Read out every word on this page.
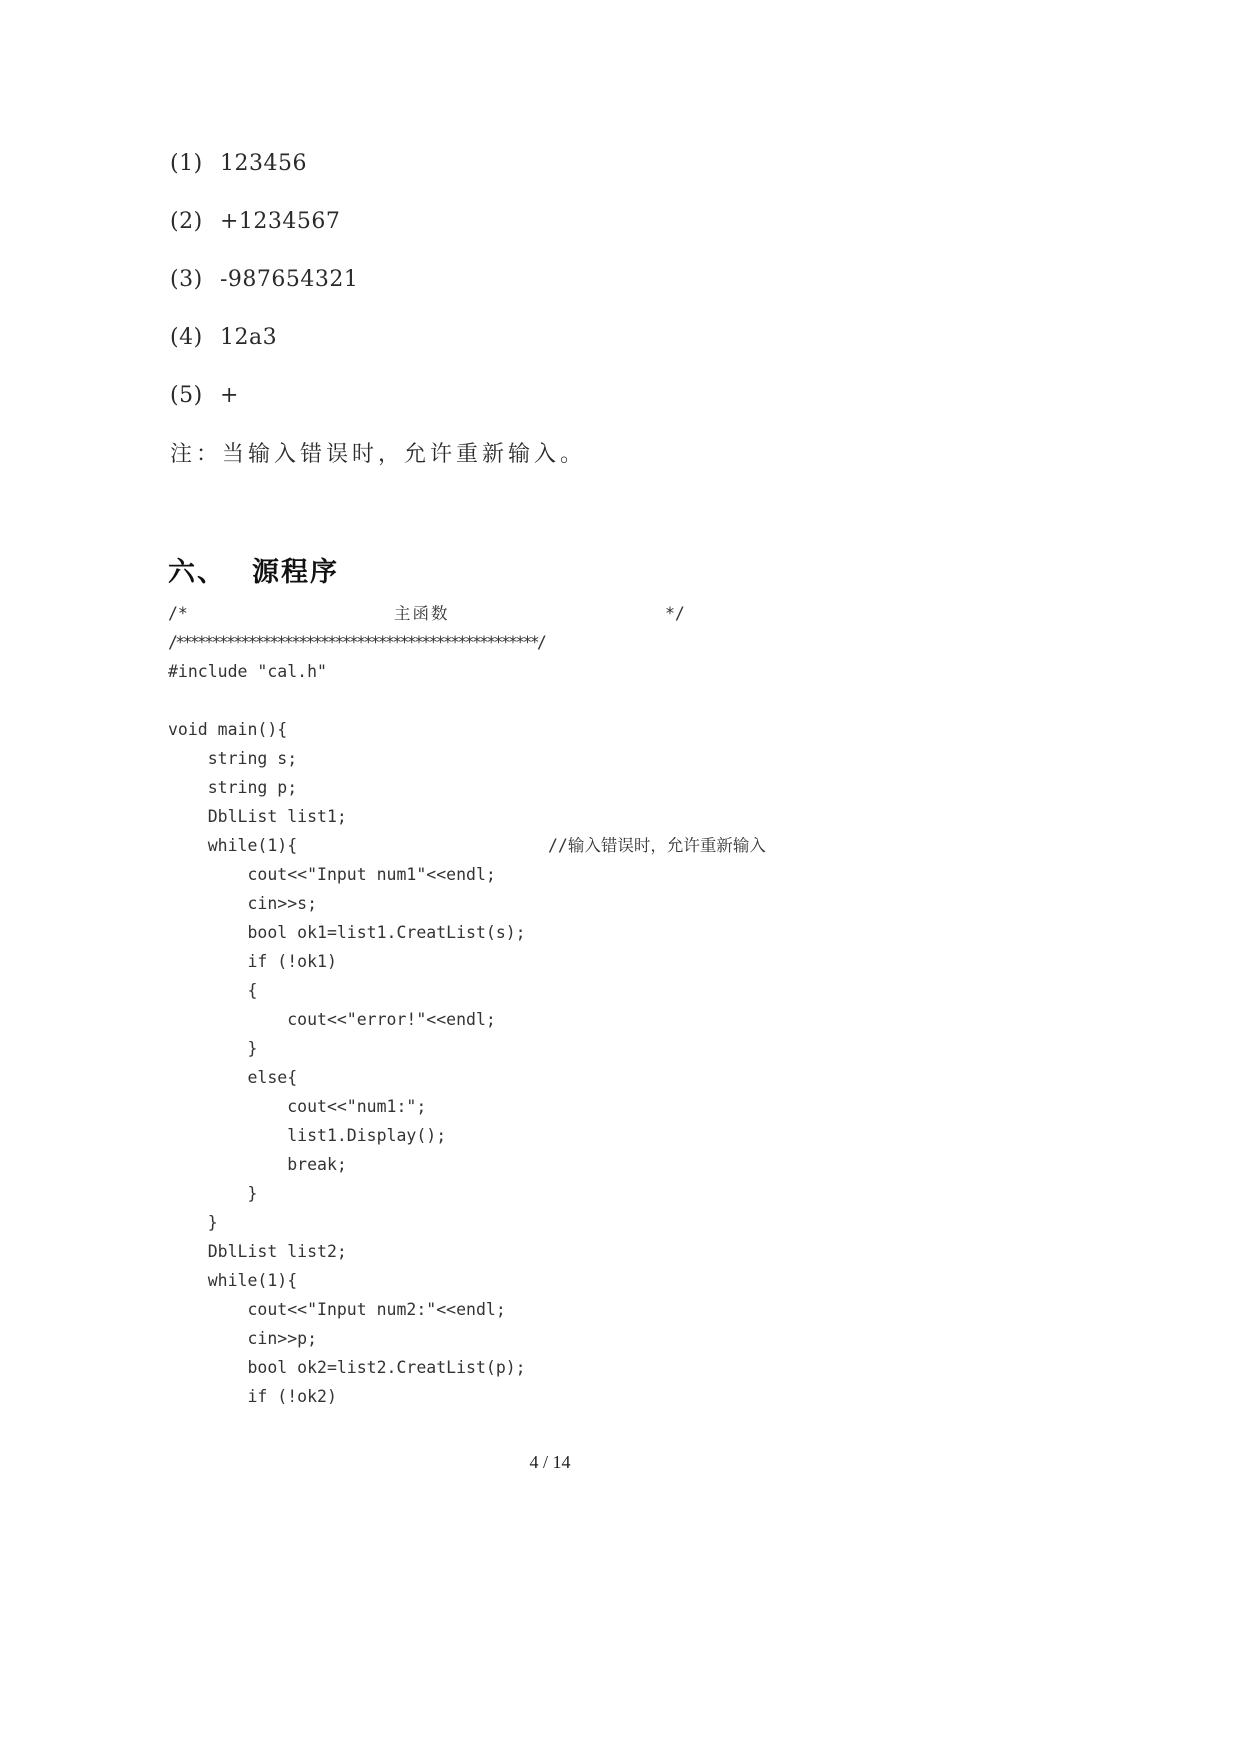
(1) 123456
(2) +1234567
(3) -987654321
(4) 12a3
(5) +
注：当输入错误时，允许重新输入。
六、 源程序
/*	主函数	*/
/**************************************************/
#include "cal.h"
void main(){
string s;
string p;
DblList list1;
while(1){	//输入错误时，允许重新输入
cout<<"Input num1"<<endl;
cin>>s;
bool ok1=list1.CreatList(s);
if (!ok1)
{
cout<<"error!"<<endl;
}
else{
cout<<"num1:";
list1.Display();
break;
}
}
DblList list2;
while(1){
cout<<"Input num2:"<<endl;
cin>>p;
bool ok2=list2.CreatList(p);
if (!ok2)
4 / 14
